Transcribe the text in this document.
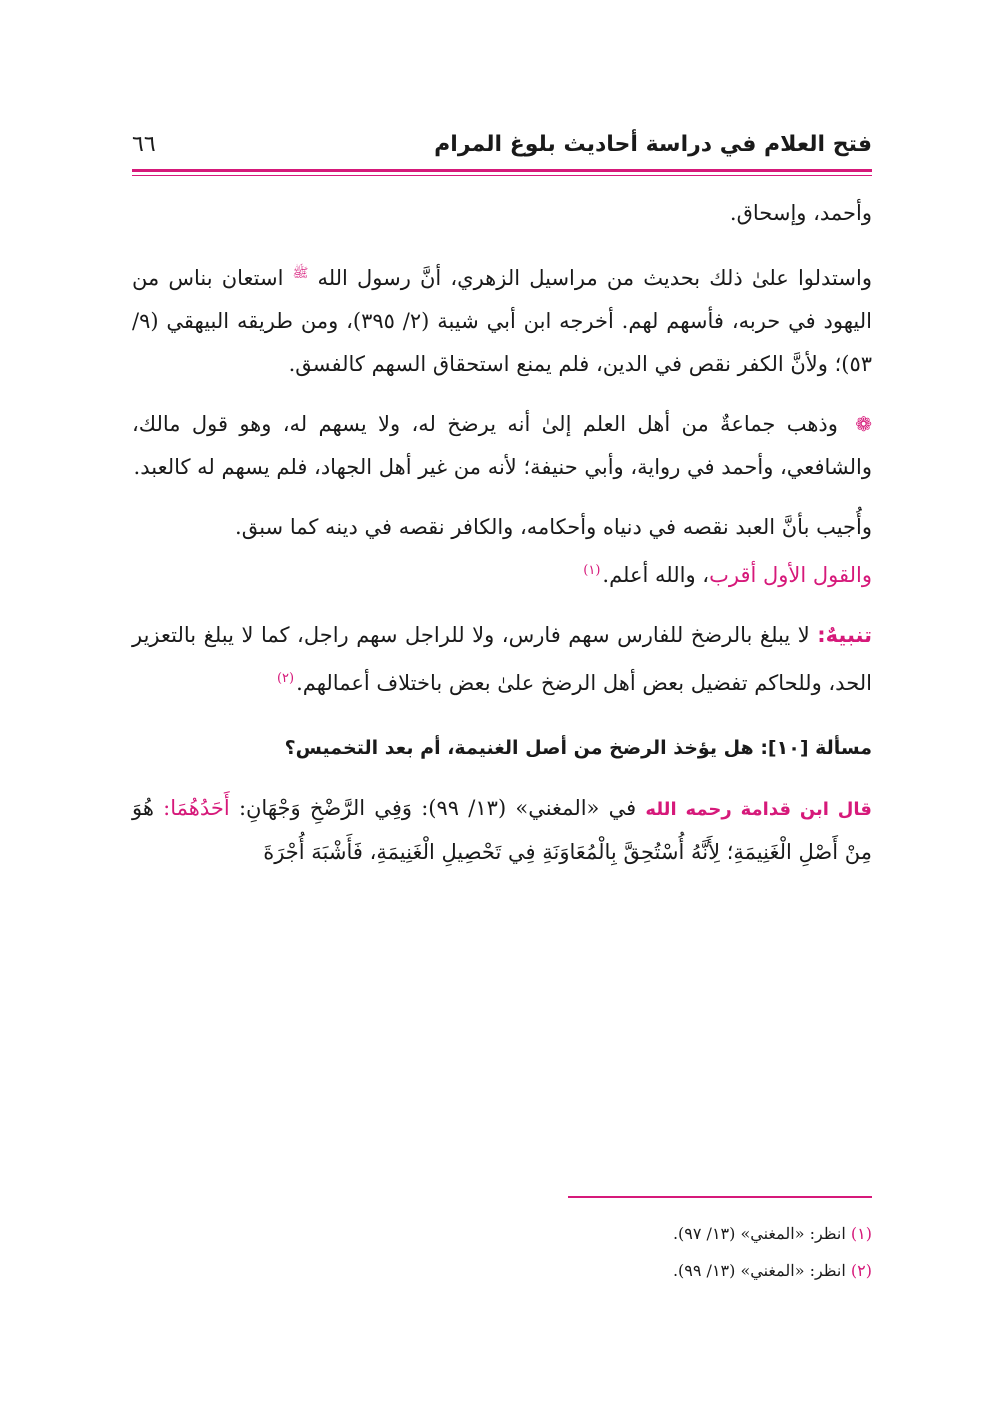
فتح العلام في دراسة أحاديث بلوغ المرام
٦٦

وأحمد، وإسحاق.

واستدلوا علىٰ ذلك بحديث من مراسيل الزهري، أنَّ رسول الله $^ﷺ$ استعان بناس من اليهود في حربه، فأسهم لهم. أخرجه ابن أبي شيبة (٢/ ٣٩٥)، ومن طريقه البيهقي (٩/ ٥٣)؛ ولأنَّ الكفر نقص في الدين، فلم يمنع استحقاق السهم كالفسق.

❁ وذهب جماعةٌ من أهل العلم إلىٰ أنه يرضخ له، ولا يسهم له، وهو قول مالك، والشافعي، وأحمد في رواية، وأبي حنيفة؛ لأنه من غير أهل الجهاد، فلم يسهم له كالعبد.

وأُجيب بأنَّ العبد نقصه في دنياه وأحكامه، والكافر نقصه في دينه كما سبق.

والقول الأول أقرب، والله أعلم.$^{(١)}$

تنبيهٌ: لا يبلغ بالرضخ للفارس سهم فارس، ولا للراجل سهم راجل، كما لا يبلغ بالتعزير الحد، وللحاكم تفضيل بعض أهل الرضخ علىٰ بعض باختلاف أعمالهم.$^{(٢)}$

مسألة [١٠]: هل يؤخذ الرضخ من أصل الغنيمة، أم بعد التخميس؟

قال ابن قدامة رحمه الله في «المغني» (١٣/ ٩٩): وَفِي الرَّضْخِ وَجْهَانِ: أَحَدُهُمَا: هُوَ مِنْ أَصْلِ الْغَنِيمَةِ؛ لِأَنَّهُ أُسْتُحِقَّ بِالْمُعَاوَنَةِ فِي تَحْصِيلِ الْغَنِيمَةِ، فَأَشْبَهَ أُجْرَةَ

(١) انظر: «المغني» (١٣/ ٩٧).
(٢) انظر: «المغني» (١٣/ ٩٩).
